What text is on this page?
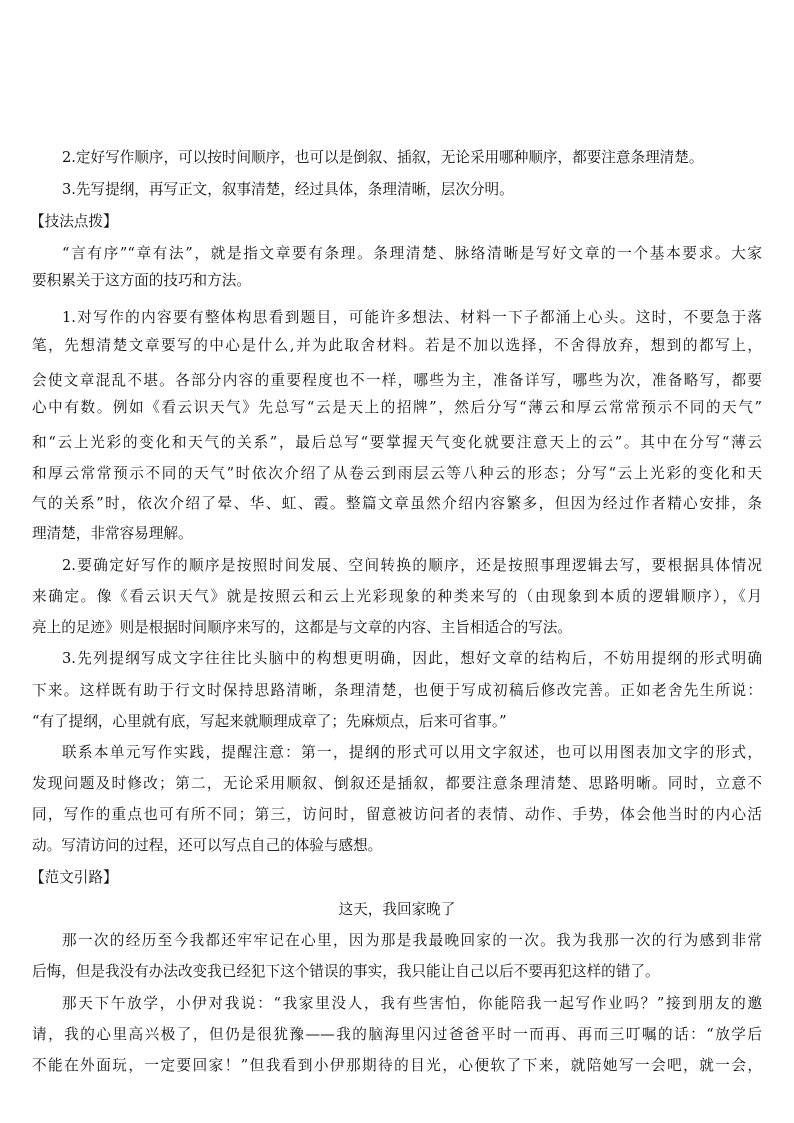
2.定好写作顺序，可以按时间顺序，也可以是倒叙、插叙，无论采用哪种顺序，都要注意条理清楚。
3.先写提纲，再写正文，叙事清楚，经过具体，条理清晰，层次分明。
【技法点拨】
“言有序”“章有法”，就是指文章要有条理。条理清楚、脉络清晰是写好文章的一个基本要求。大家
要积累关于这方面的技巧和方法。
1.对写作的内容要有整体构思看到题目，可能许多想法、材料一下子都涌上心头。这时，不要急于落
笔，先想清楚文章要写的中心是什么,并为此取舍材料。若是不加以选择，不舍得放弃，想到的都写上，
会使文章混乱不堪。各部分内容的重要程度也不一样，哪些为主，准备详写，哪些为次，准备略写，都要
心中有数。例如《看云识天气》先总写“云是天上的招牌”，然后分写“薄云和厚云常常预示不同的天气”
和“云上光彩的变化和天气的关系”，最后总写“要掌握天气变化就要注意天上的云”。其中在分写“薄云
和厚云常常预示不同的天气”时依次介绍了从卷云到雨层云等八种云的形态；分写“云上光彩的变化和天
气的关系”时，依次介绍了晕、华、虹、霞。整篇文章虽然介绍内容繁多，但因为经过作者精心安排，条
理清楚，非常容易理解。
2.要确定好写作的顺序是按照时间发展、空间转换的顺序，还是按照事理逻辑去写，要根据具体情况
来确定。像《看云识天气》就是按照云和云上光彩现象的种类来写的（由现象到本质的逻辑顺序），《月
亮上的足迹》则是根据时间顺序来写的，这都是与文章的内容、主旨相适合的写法。
3.先列提纲写成文字往往比头脑中的构想更明确，因此，想好文章的结构后，不妨用提纲的形式明确
下来。这样既有助于行文时保持思路清晰，条理清楚，也便于写成初稿后修改完善。正如老舍先生所说：
“有了提纲，心里就有底，写起来就顺理成章了；先麻烦点，后来可省事。”
联系本单元写作实践，提醒注意：第一，提纲的形式可以用文字叙述，也可以用图表加文字的形式，
发现问题及时修改；第二，无论采用顺叙、倒叙还是插叙，都要注意条理清楚、思路明晰。同时，立意不
同，写作的重点也可有所不同；第三，访问时，留意被访问者的表情、动作、手势，体会他当时的内心活
动。写清访问的过程，还可以写点自己的体验与感想。
【范文引路】
这天，我回家晚了
那一次的经历至今我都还牢牢记在心里，因为那是我最晚回家的一次。我为我那一次的行为感到非常
后悔，但是我没有办法改变我已经犯下这个错误的事实，我只能让自己以后不要再犯这样的错了。
那天下午放学，小伊对我说：“我家里没人，我有些害怕，你能陪我一起写作业吗？”接到朋友的邀
请，我的心里高兴极了，但仍是很犹豫——我的脑海里闪过爸爸平时一而再、再而三叮嘱的话：“放学后
不能在外面玩，一定要回家！”但我看到小伊那期待的目光，心便软了下来，就陪她写一会吧，就一会，
